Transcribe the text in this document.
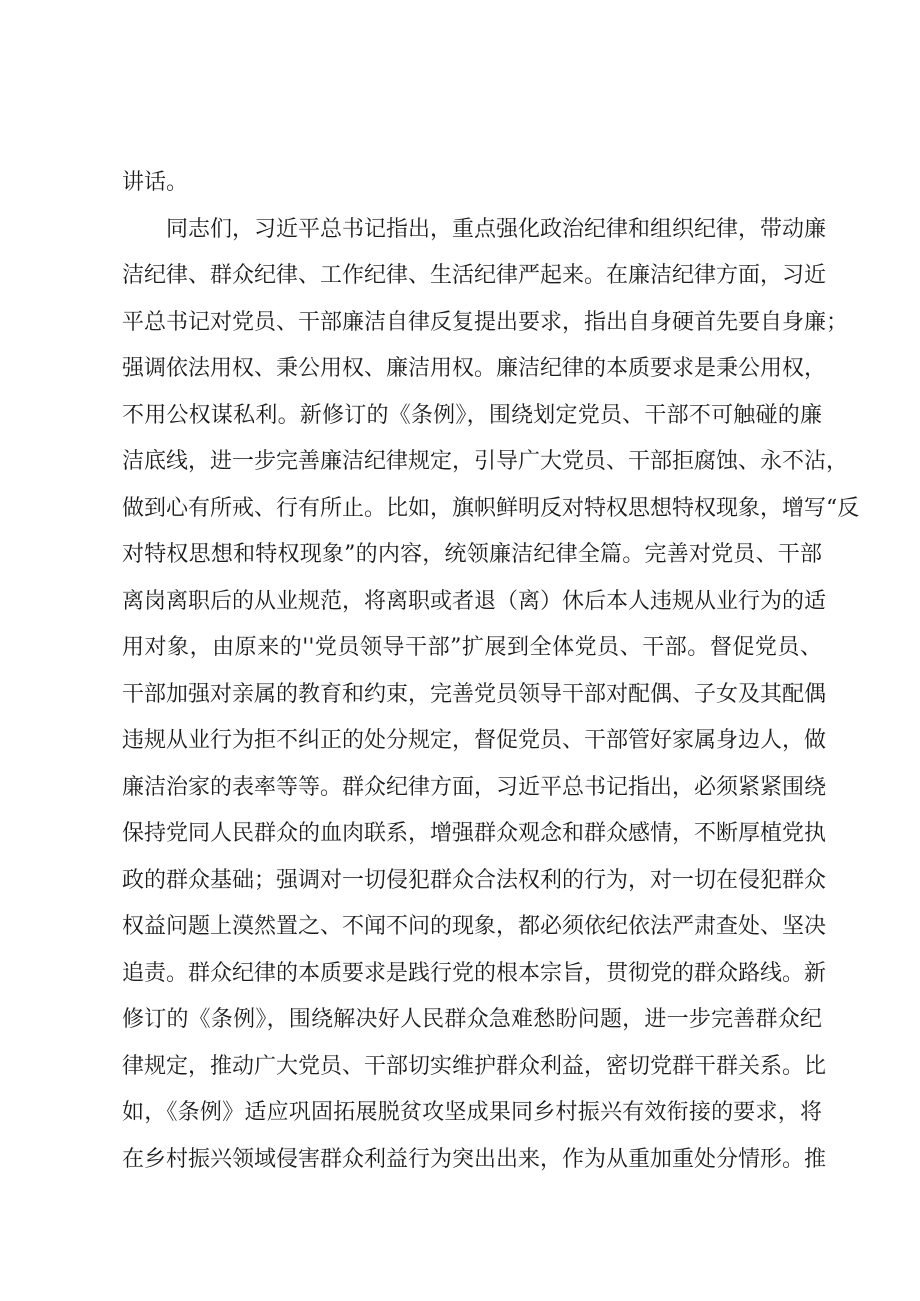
讲话。
同志们，习近平总书记指出，重点强化政治纪律和组织纪律，带动廉
洁纪律、群众纪律、工作纪律、生活纪律严起来。在廉洁纪律方面，习近
平总书记对党员、干部廉洁自律反复提出要求，指出自身硬首先要自身廉；
强调依法用权、秉公用权、廉洁用权。廉洁纪律的本质要求是秉公用权，
不用公权谋私利。新修订的《条例》，围绕划定党员、干部不可触碰的廉
洁底线，进一步完善廉洁纪律规定，引导广大党员、干部拒腐蚀、永不沾，
做到心有所戒、行有所止。比如，旗帜鲜明反对特权思想特权现象，增写“反
对特权思想和特权现象”的内容，统领廉洁纪律全篇。完善对党员、干部
离岗离职后的从业规范，将离职或者退（离）休后本人违规从业行为的适
用对象，由原来的''党员领导干部”扩展到全体党员、干部。督促党员、
干部加强对亲属的教育和约束，完善党员领导干部对配偶、子女及其配偶
违规从业行为拒不纠正的处分规定，督促党员、干部管好家属身边人，做
廉洁治家的表率等等。群众纪律方面，习近平总书记指出，必须紧紧围绕
保持党同人民群众的血肉联系，增强群众观念和群众感情，不断厚植党执
政的群众基础；强调对一切侵犯群众合法权利的行为，对一切在侵犯群众
权益问题上漠然置之、不闻不问的现象，都必须依纪依法严肃查处、坚决
追责。群众纪律的本质要求是践行党的根本宗旨，贯彻党的群众路线。新
修订的《条例》，围绕解决好人民群众急难愁盼问题，进一步完善群众纪
律规定，推动广大党员、干部切实维护群众利益，密切党群干群关系。比
如，《条例》适应巩固拓展脱贫攻坚成果同乡村振兴有效衔接的要求，将
在乡村振兴领域侵害群众利益行为突出出来，作为从重加重处分情形。推
